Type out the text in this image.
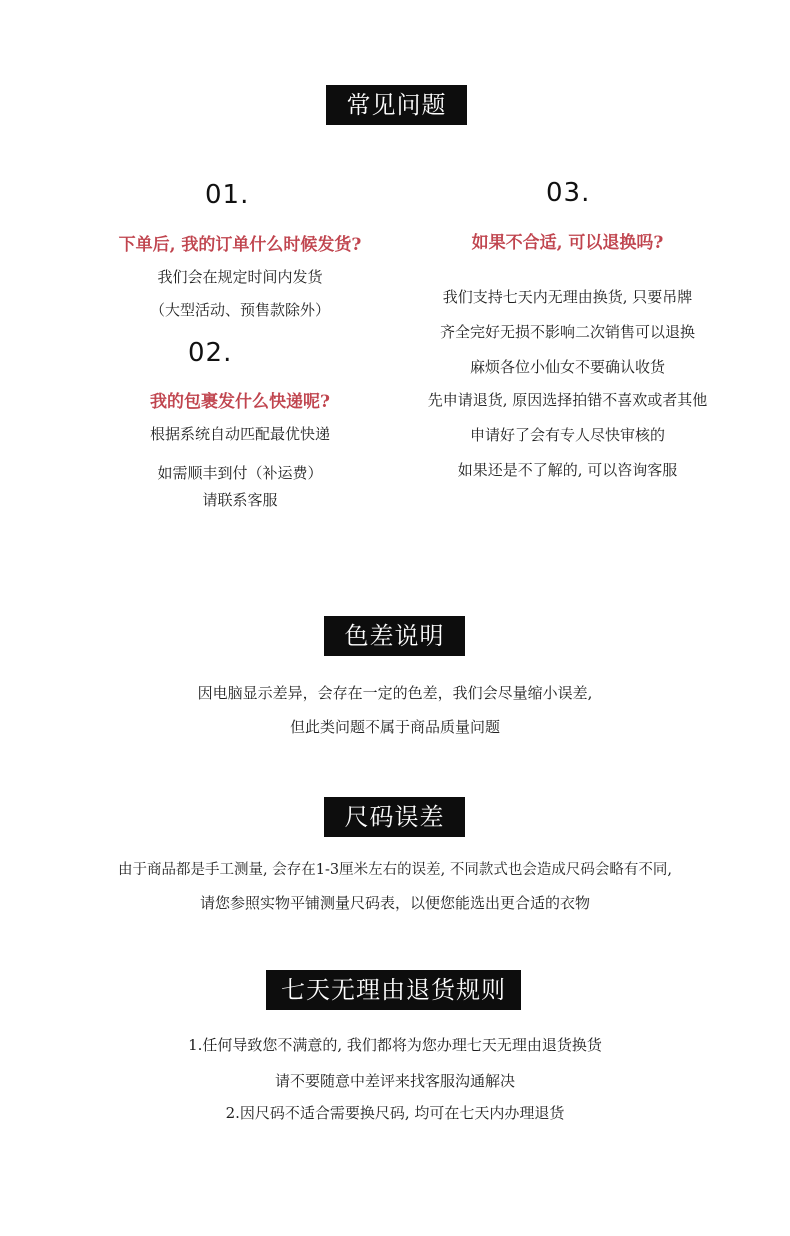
常见问题
01.
下单后, 我的订单什么时候发货?
我们会在规定时间内发货
（大型活动、预售款除外）
02.
我的包裹发什么快递呢?
根据系统自动匹配最优快递
如需顺丰到付（补运费）
请联系客服
03.
如果不合适, 可以退换吗?
我们支持七天内无理由换货, 只要吊牌
齐全完好无损不影响二次销售可以退换
麻烦各位小仙女不要确认收货
先申请退货, 原因选择拍错不喜欢或者其他
申请好了会有专人尽快审核的
如果还是不了解的, 可以咨询客服
色差说明
因电脑显示差异，会存在一定的色差，我们会尽量缩小误差,
但此类问题不属于商品质量问题
尺码误差
由于商品都是手工测量, 会存在1-3厘米左右的误差, 不同款式也会造成尺码会略有不同,
请您参照实物平铺测量尺码表，以便您能选出更合适的衣物
七天无理由退货规则
1.任何导致您不满意的, 我们都将为您办理七天无理由退货换货
请不要随意中差评来找客服沟通解决
2.因尺码不适合需要换尺码, 均可在七天内办理退货
